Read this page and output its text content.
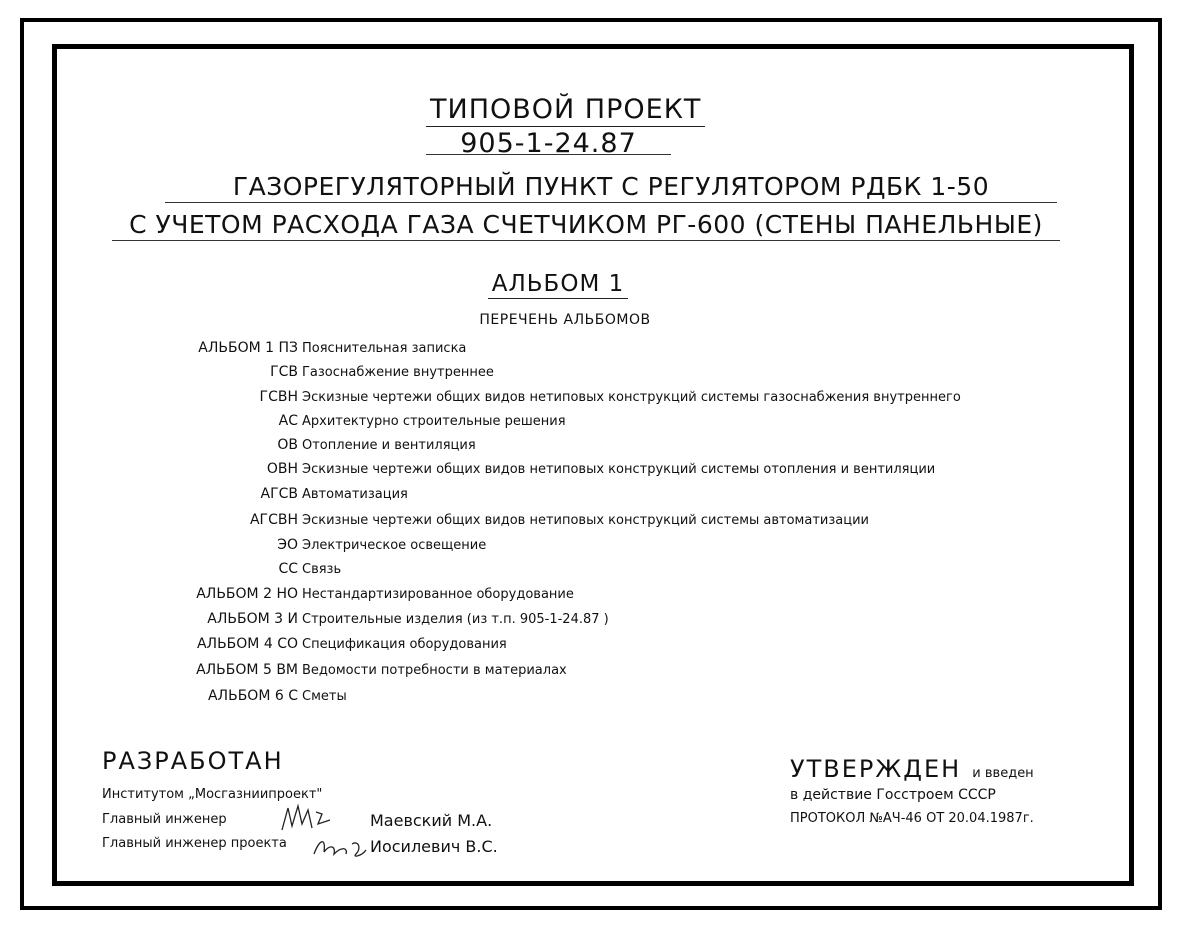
ТИПОВОЙ ПРОЕКТ
905-1-24.87
ГАЗОРЕГУЛЯТОРНЫЙ ПУНКТ С РЕГУЛЯТОРОМ РДБК 1-50
С УЧЕТОМ РАСХОДА ГАЗА СЧЕТЧИКОМ РГ-600 (СТЕНЫ ПАНЕЛЬНЫЕ)
АЛЬБОМ 1
ПЕРЕЧЕНЬ АЛЬБОМОВ
АЛЬБОМ 1 ПЗ Пояснительная записка
ГСВ Газоснабжение внутреннее
ГСВН Эскизные чертежи общих видов нетиповых конструкций системы газоснабжения внутреннего
АС Архитектурно строительные решения
ОВ Отопление и вентиляция
ОВН Эскизные чертежи общих видов нетиповых конструкций системы отопления и вентиляции
АГСВ Автоматизация
АГСВН Эскизные чертежи общих видов нетиповых конструкций системы автоматизации
ЭО Электрическое освещение
СС Связь
АЛЬБОМ 2 НО Нестандартизированное оборудование
АЛЬБОМ 3 И Строительные изделия (из т.п. 905-1-24.87 )
АЛЬБОМ 4 СО Спецификация оборудования
АЛЬБОМ 5 ВМ Ведомости потребности в материалах
АЛЬБОМ 6 С Сметы
РАЗРАБОТАН
Институтом „Мосгазниипроект"
Главный инженер	Маевский М.А.
Главный инженер проекта	Иосилевич В.С.
УТВЕРЖДЕН и введен
в действие Госстроем СССР
ПРОТОКОЛ №АЧ-46 ОТ 20.04.1987г.
